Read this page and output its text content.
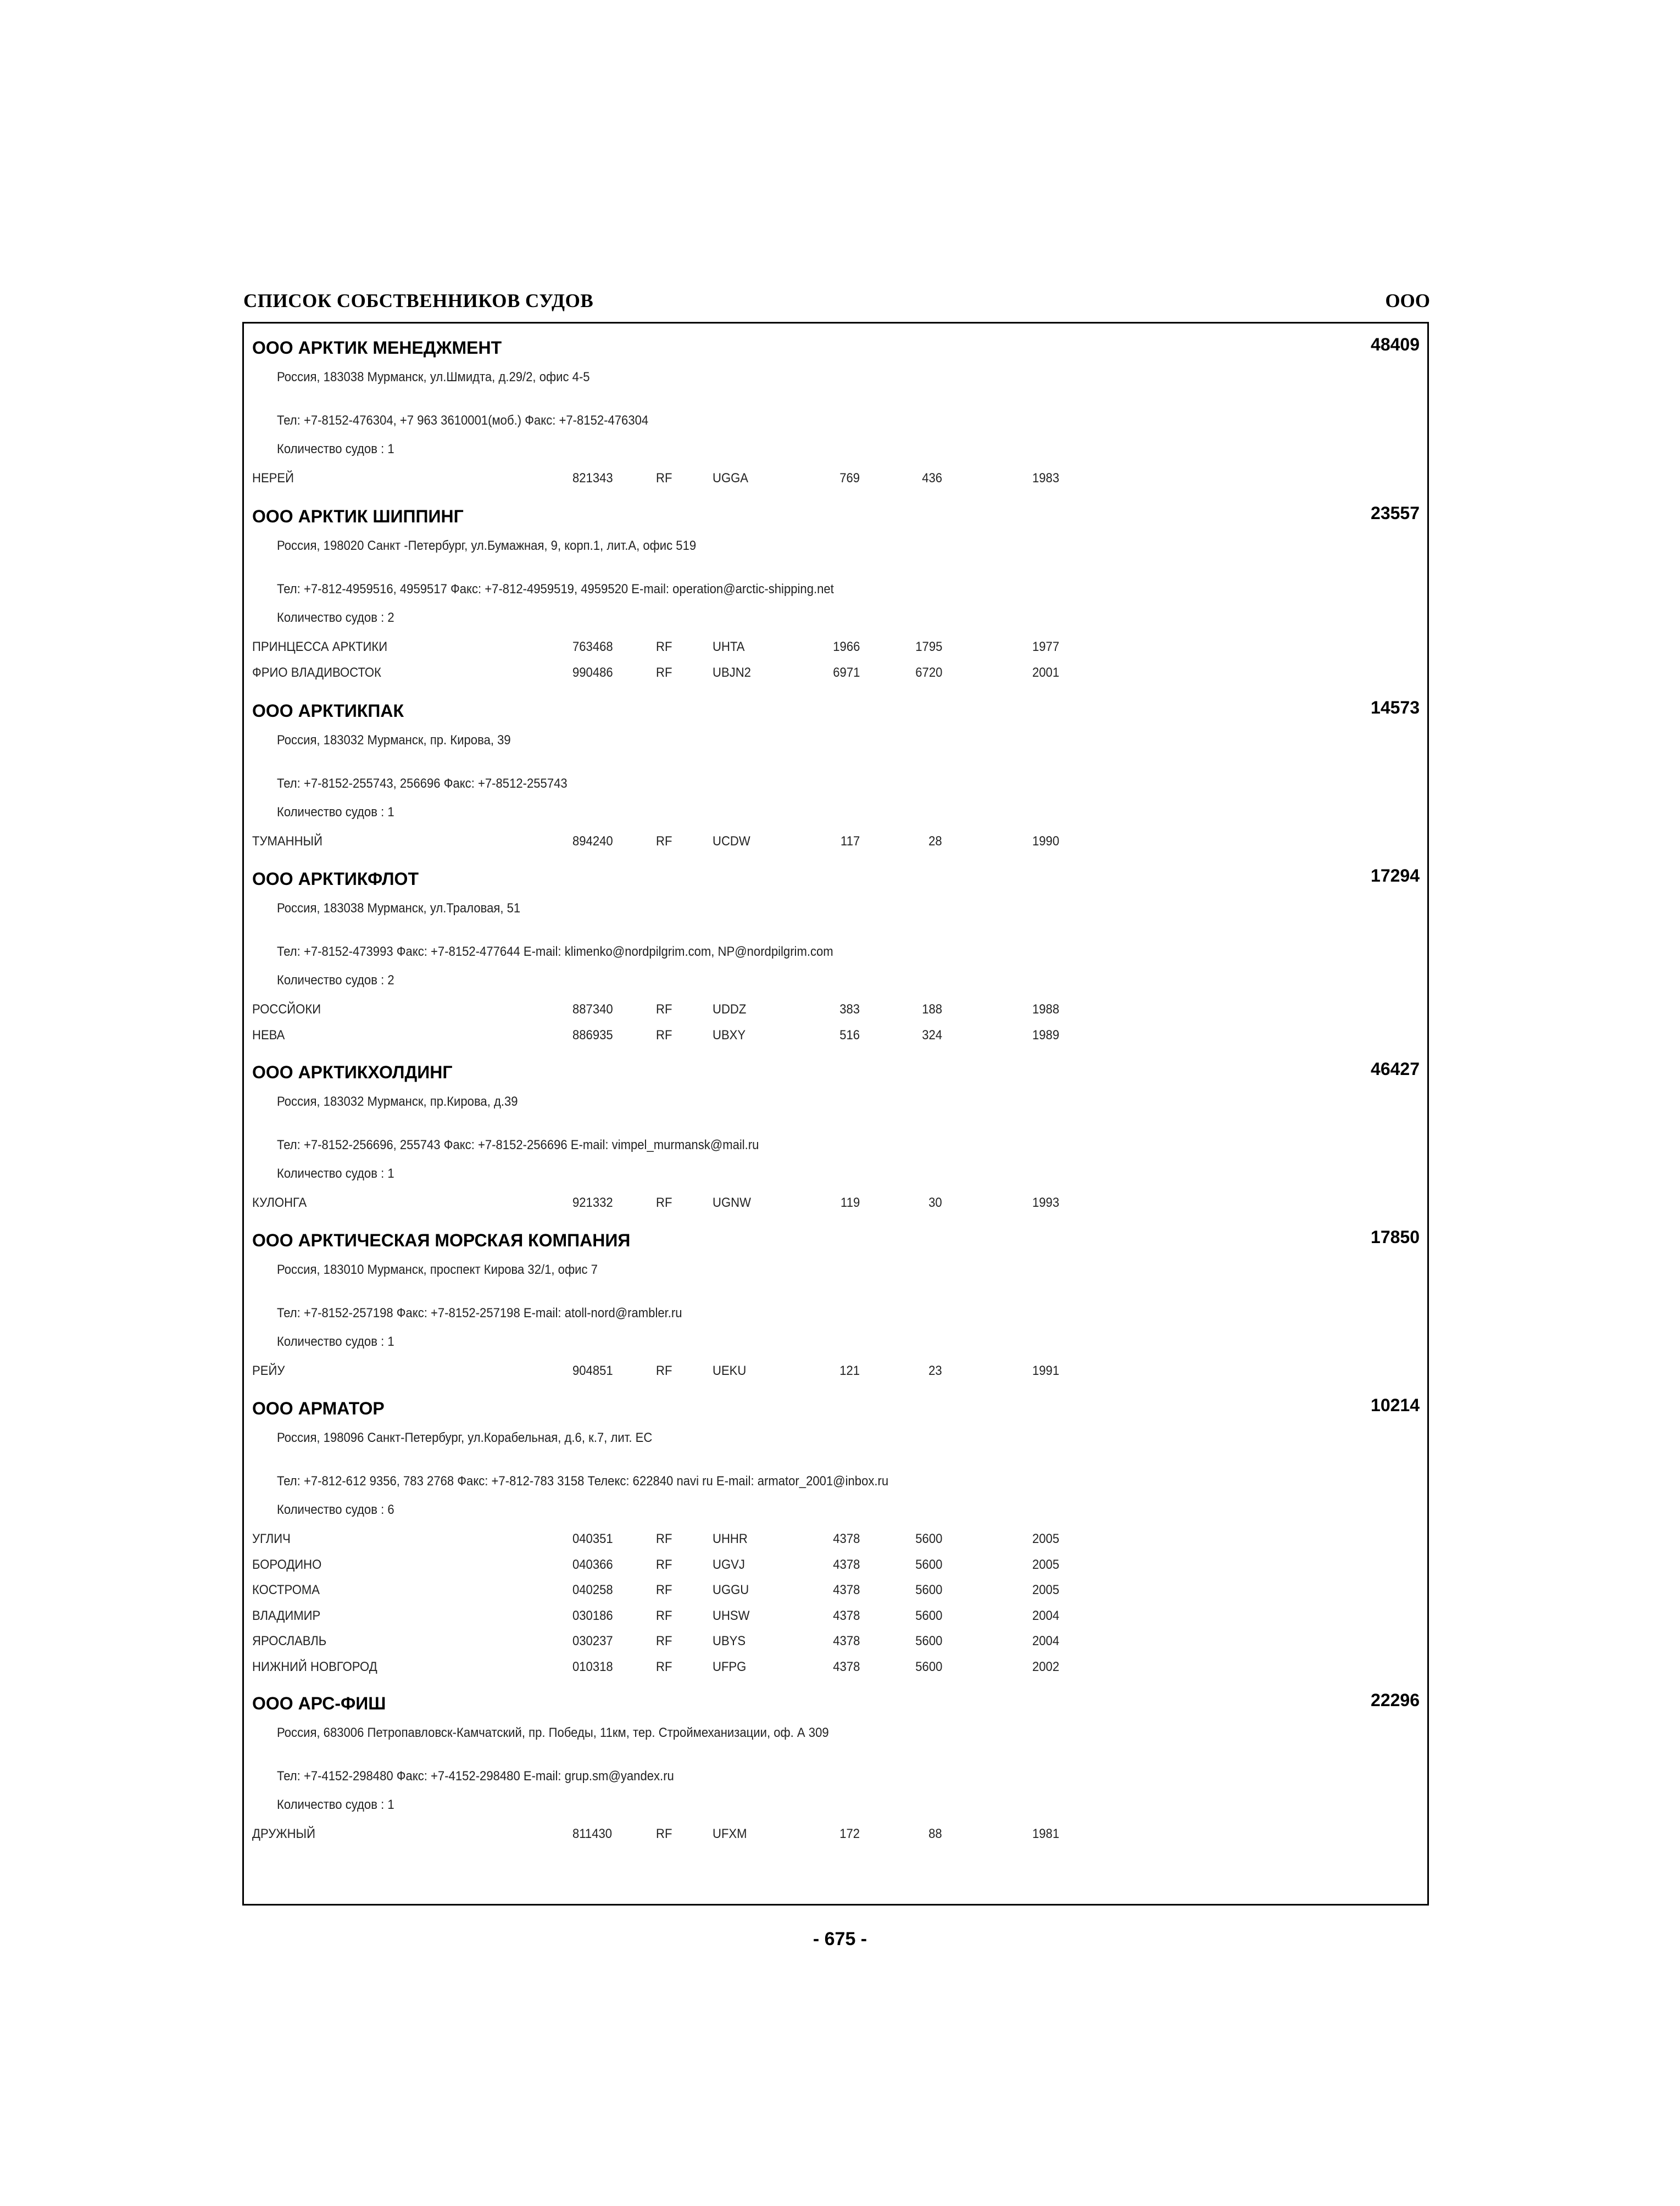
СПИСОК СОБСТВЕННИКОВ СУДОВ	ООО
ООО АРКТИК МЕНЕДЖМЕНТ	48409
Россия, 183038 Мурманск, ул.Шмидта, д.29/2, офис 4-5
Тел: +7-8152-476304, +7 963 3610001(моб.) Факс: +7-8152-476304
Количество судов : 1
НЕРЕЙ	821343	RF	UGGA	769	436	1983
ООО АРКТИК ШИППИНГ	23557
Россия, 198020 Санкт -Петербург, ул.Бумажная, 9, корп.1, лит.А, офис 519
Тел: +7-812-4959516, 4959517 Факс: +7-812-4959519, 4959520 E-mail: operation@arctic-shipping.net
Количество судов : 2
ПРИНЦЕССА АРКТИКИ	763468	RF	UHTA	1966	1795	1977
ФРИО ВЛАДИВОСТОК	990486	RF	UBJN2	6971	6720	2001
ООО АРКТИКПАК	14573
Россия, 183032 Мурманск, пр. Кирова, 39
Тел: +7-8152-255743, 256696 Факс: +7-8512-255743
Количество судов : 1
ТУМАННЫЙ	894240	RF	UCDW	117	28	1990
ООО АРКТИКФЛОТ	17294
Россия, 183038 Мурманск, ул.Траловая, 51
Тел: +7-8152-473993 Факс: +7-8152-477644 E-mail: klimenko@nordpilgrim.com, NP@nordpilgrim.com
Количество судов : 2
РОССЙОКИ	887340	RF	UDDZ	383	188	1988
НЕВА	886935	RF	UBXY	516	324	1989
ООО АРКТИКХОЛДИНГ	46427
Россия, 183032 Мурманск, пр.Кирова, д.39
Тел: +7-8152-256696, 255743 Факс: +7-8152-256696 E-mail: vimpel_murmansk@mail.ru
Количество судов : 1
КУЛОНГА	921332	RF	UGNW	119	30	1993
ООО АРКТИЧЕСКАЯ МОРСКАЯ КОМПАНИЯ	17850
Россия, 183010 Мурманск, проспект Кирова 32/1, офис 7
Тел: +7-8152-257198 Факс: +7-8152-257198 E-mail: atoll-nord@rambler.ru
Количество судов : 1
РЕЙУ	904851	RF	UEKU	121	23	1991
ООО АРМАТОР	10214
Россия, 198096 Санкт-Петербург, ул.Корабельная, д.6, к.7, лит. ЕС
Тел: +7-812-612 9356, 783 2768 Факс: +7-812-783 3158 Телекс: 622840 navi ru E-mail: armator_2001@inbox.ru
Количество судов : 6
УГЛИЧ	040351	RF	UHHR	4378	5600	2005
БОРОДИНО	040366	RF	UGVJ	4378	5600	2005
КОСТРОМА	040258	RF	UGGU	4378	5600	2005
ВЛАДИМИР	030186	RF	UHSW	4378	5600	2004
ЯРОСЛАВЛЬ	030237	RF	UBYS	4378	5600	2004
НИЖНИЙ НОВГОРОД	010318	RF	UFPG	4378	5600	2002
ООО АРС-ФИШ	22296
Россия, 683006 Петропавловск-Камчатский, пр. Победы, 11км, тер. Строймеханизации, оф. А 309
Тел: +7-4152-298480 Факс: +7-4152-298480 E-mail: grup.sm@yandex.ru
Количество судов : 1
ДРУЖНЫЙ	811430	RF	UFXM	172	88	1981
- 675 -
